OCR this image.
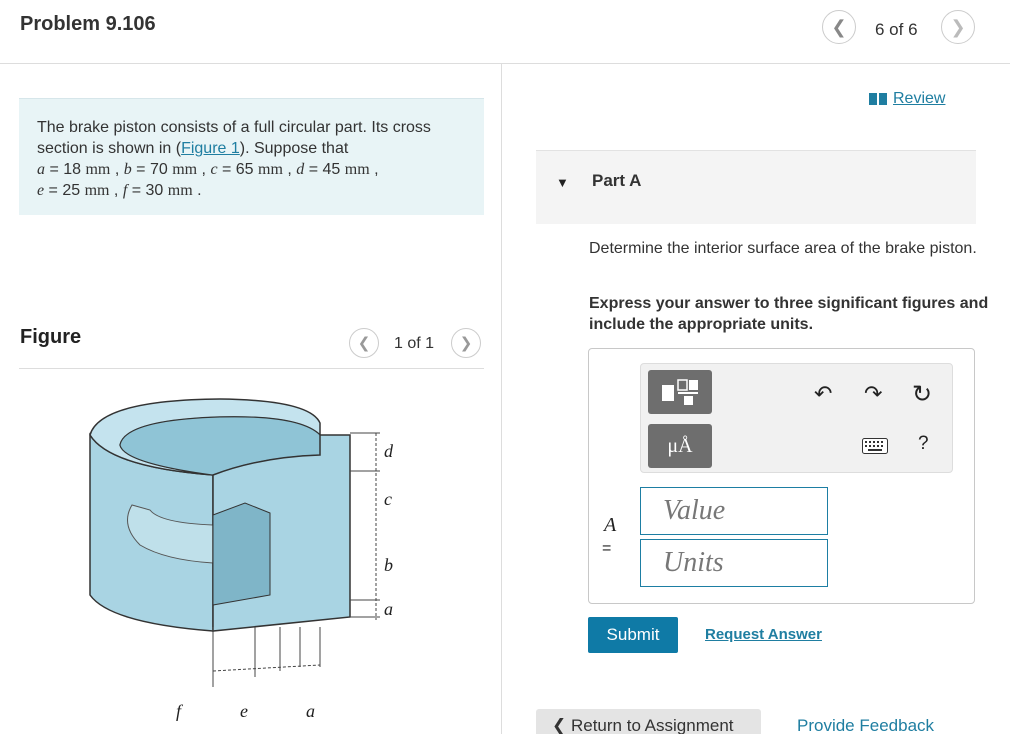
Problem 9.106	❮ 6 of 6 ❯
The brake piston consists of a full circular part. Its cross
section is shown in (Figure 1). Suppose that
a = 18 mm , b = 70 mm , c = 65 mm , d = 45 mm ,
e = 25 mm , f = 30 mm .
Figure	❮ 1 of 1 ❯
d
c
b
a
f	e	a
Review
▼ Part A
Determine the interior surface area of the brake piston.
Express your answer to three significant figures and include the appropriate units.
μÅ
↶ ↷ ↻
?
A
=
Value
Units
Submit	Request Answer
❮ Return to Assignment	Provide Feedback
